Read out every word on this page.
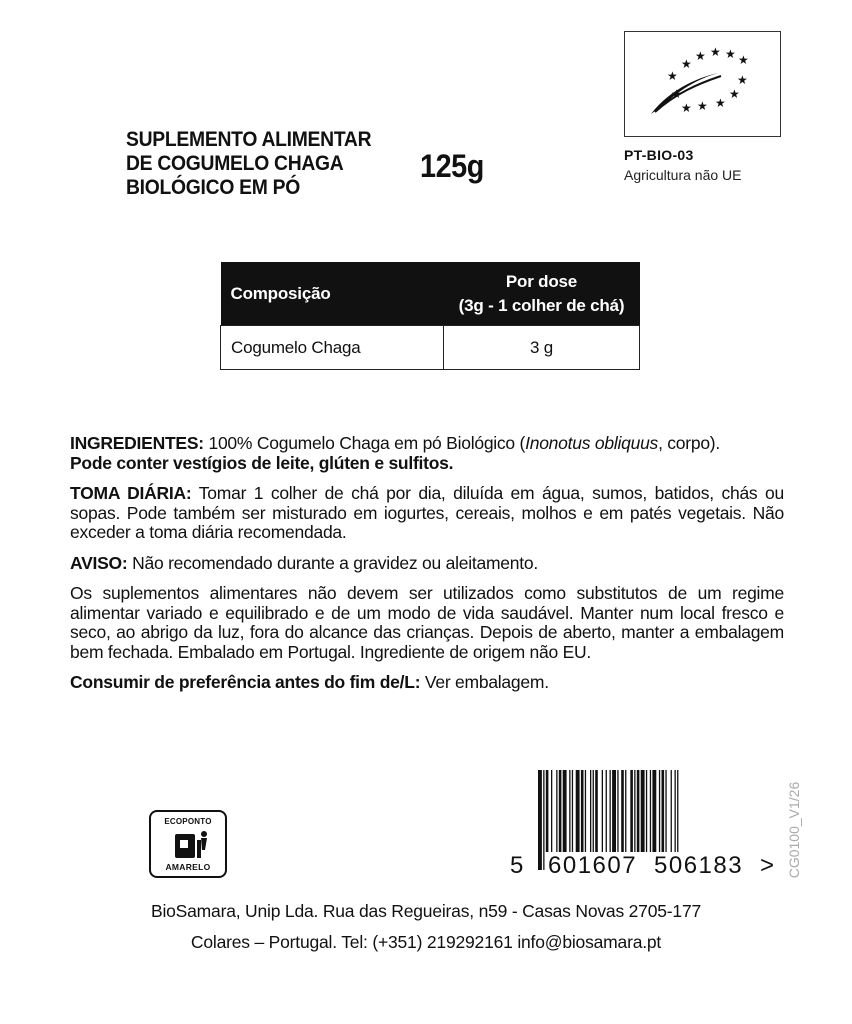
SUPLEMENTO ALIMENTAR
DE COGUMELO CHAGA
BIOLÓGICO EM PÓ
125g
★
★ ★ ★ ★
★	★
★	★
★ ★ ★
PT-BIO-03
Agricultura não UE
Composição	Por dose
(3g - 1 colher de chá)

Cogumelo Chaga	3 g

INGREDIENTES: 100% Cogumelo Chaga em pó Biológico (Inonotus obliquus, corpo).
Pode conter vestígios de leite, glúten e sulfitos.

TOMA DIÁRIA: Tomar 1 colher de chá por dia, diluída em água, sumos, batidos, chás ou sopas. Pode também ser misturado em iogurtes, cereais, molhos e em patés vegetais. Não exceder a toma diária recomendada.

AVISO: Não recomendado durante a gravidez ou aleitamento.

Os suplementos alimentares não devem ser utilizados como substitutos de um regime alimentar variado e equilibrado e de um modo de vida saudável. Manter num local fresco e seco, ao abrigo da luz, fora do alcance das crianças. Depois de aberto, manter a embalagem bem fechada. Embalado em Portugal. Ingrediente de origem não EU.

Consumir de preferência antes do fim de/L: Ver embalagem.

ECOPONTO
AMARELO	5 601607 506183 > CG0100_V1/26
BioSamara, Unip Lda. Rua das Regueiras, n59 - Casas Novas 2705-177
Colares – Portugal. Tel: (+351) 219292161 info@biosamara.pt
